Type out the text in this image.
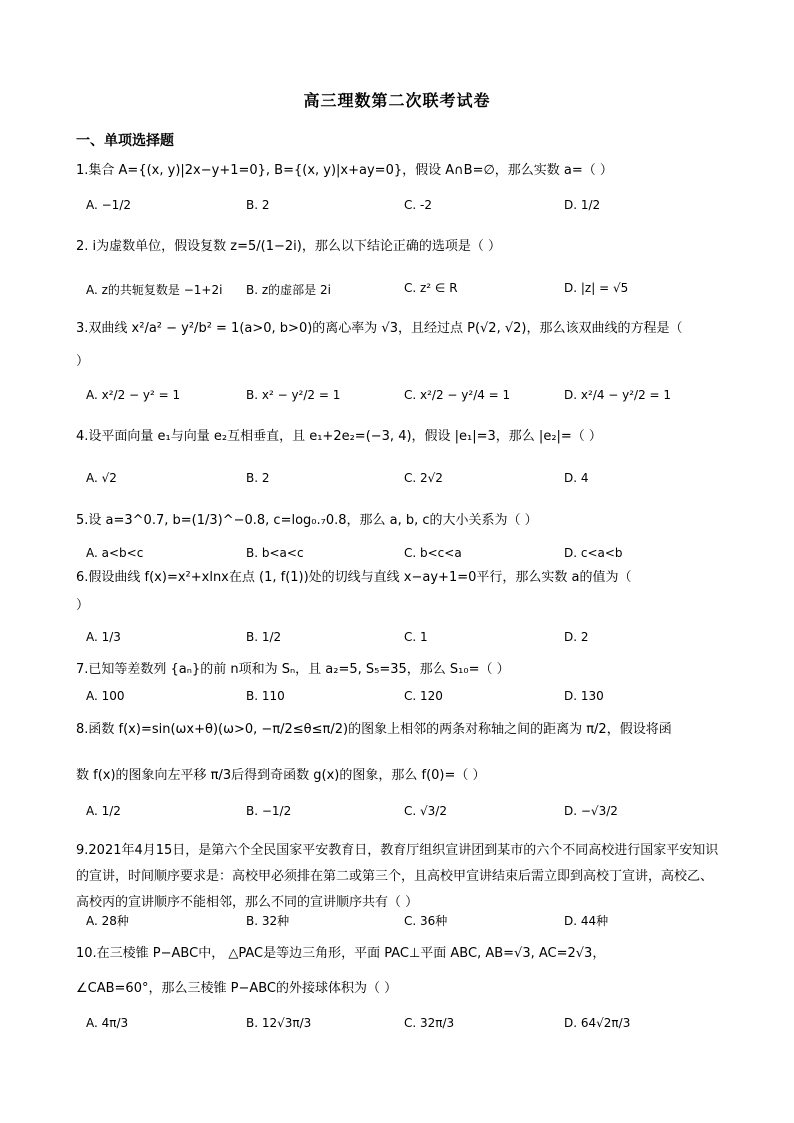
高三理数第二次联考试卷
一、单项选择题
1.集合 A={(x, y)|2x−y+1=0}, B={(x, y)|x+ay=0}，假设 A∩B=∅，那么实数 a=（ ）
A. −1/2	B. 2	C. -2	D. 1/2
2. i为虚数单位，假设复数 z=5/(1−2i)，那么以下结论正确的选项是（ ）
A. z的共轭复数是 −1+2i B. z的虚部是 2i	C. z² ∈ R	D. |z| = √5
3.双曲线 x²/a² − y²/b² = 1(a>0, b>0)的离心率为 √3，且经过点 P(√2, √2)，那么该双曲线的方程是（
）
A. x²/2 − y² = 1	B. x² − y²/2 = 1	C. x²/2 − y²/4 = 1	D. x²/4 − y²/2 = 1
4.设平面向量 e₁与向量 e₂互相垂直，且 e₁+2e₂=(−3, 4)，假设 |e₁|=3，那么 |e₂|=（ ）
A. √2	B. 2	C. 2√2	D. 4
5.设 a=3^0.7, b=(1/3)^−0.8, c=log₀.₇0.8，那么 a, b, c的大小关系为（ ）
A. a<b<c	B. b<a<c	C. b<c<a	D. c<a<b
6.假设曲线 f(x)=x²+xlnx在点 (1, f(1))处的切线与直线 x−ay+1=0平行，那么实数 a的值为（
）
A. 1/3	B. 1/2	C. 1	D. 2
7.已知等差数列 {aₙ}的前 n项和为 Sₙ，且 a₂=5, S₅=35，那么 S₁₀=（ ）
A. 100	B. 110	C. 120	D. 130
8.函数 f(x)=sin(ωx+θ)(ω>0, −π/2≤θ≤π/2)的图象上相邻的两条对称轴之间的距离为 π/2，假设将函
数 f(x)的图象向左平移 π/3后得到奇函数 g(x)的图象，那么 f(0)=（ ）
A. 1/2	B. −1/2	C. √3/2	D. −√3/2
9.2021年4月15日，是第六个全民国家平安教育日，教育厅组织宣讲团到某市的六个不同高校进行国家平安知识的宣讲，时间顺序要求是：高校甲必须排在第二或第三个，且高校甲宣讲结束后需立即到高校丁宣讲，高校乙、高校丙的宣讲顺序不能相邻，那么不同的宣讲顺序共有（ ）
A. 28种	B. 32种	C. 36种	D. 44种
10.在三棱锥 P−ABC中， △PAC是等边三角形，平面 PAC⊥平面 ABC, AB=√3, AC=2√3，
∠CAB=60°，那么三棱锥 P−ABC的外接球体积为（ ）
A. 4π/3	B. 12√3π/3	C. 32π/3	D. 64√2π/3
